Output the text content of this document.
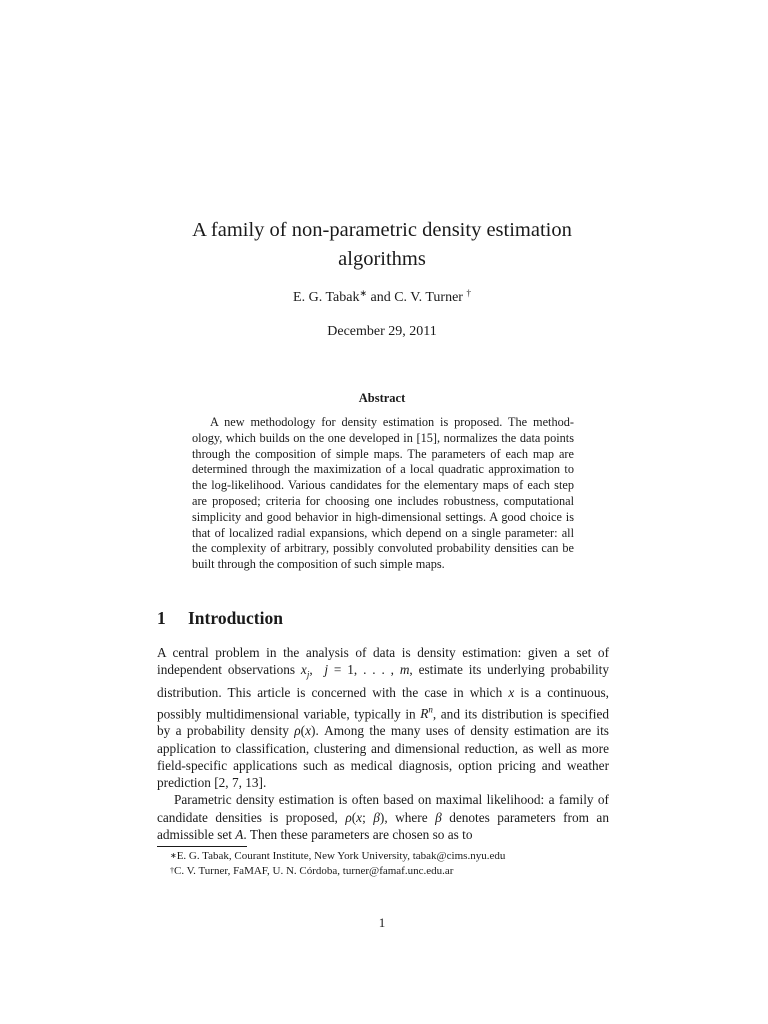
A family of non-parametric density estimation algorithms
E. G. Tabak∗ and C. V. Turner †
December 29, 2011
Abstract

A new methodology for density estimation is proposed. The methodology, which builds on the one developed in [15], normalizes the data points through the composition of simple maps. The parameters of each map are determined through the maximization of a local quadratic approximation to the log-likelihood. Various candidates for the elementary maps of each step are proposed; criteria for choosing one includes robustness, computational simplicity and good behavior in high-dimensional settings. A good choice is that of localized radial expansions, which depend on a single parameter: all the complexity of arbitrary, possibly convoluted probability densities can be built through the composition of such simple maps.

1 Introduction

A central problem in the analysis of data is density estimation: given a set of independent observations $x_j$,  j = 1, . . . , m, estimate its underlying probability distribution. This article is concerned with the case in which x is a continuous, possibly multidimensional variable, typically in $R^n$, and its distribution is specified by a probability density ρ(x). Among the many uses of density estimation are its application to classification, clustering and dimensional reduction, as well as more field-specific applications such as medical diagnosis, option pricing and weather prediction [2, 7, 13].

Parametric density estimation is often based on maximal likelihood: a family of candidate densities is proposed, ρ(x; β), where β denotes parameters from an admissible set A. Then these parameters are chosen so as to

∗E. G. Tabak, Courant Institute, New York University, tabak@cims.nyu.edu
†C. V. Turner, FaMAF, U. N. Córdoba, turner@famaf.unc.edu.ar
1
